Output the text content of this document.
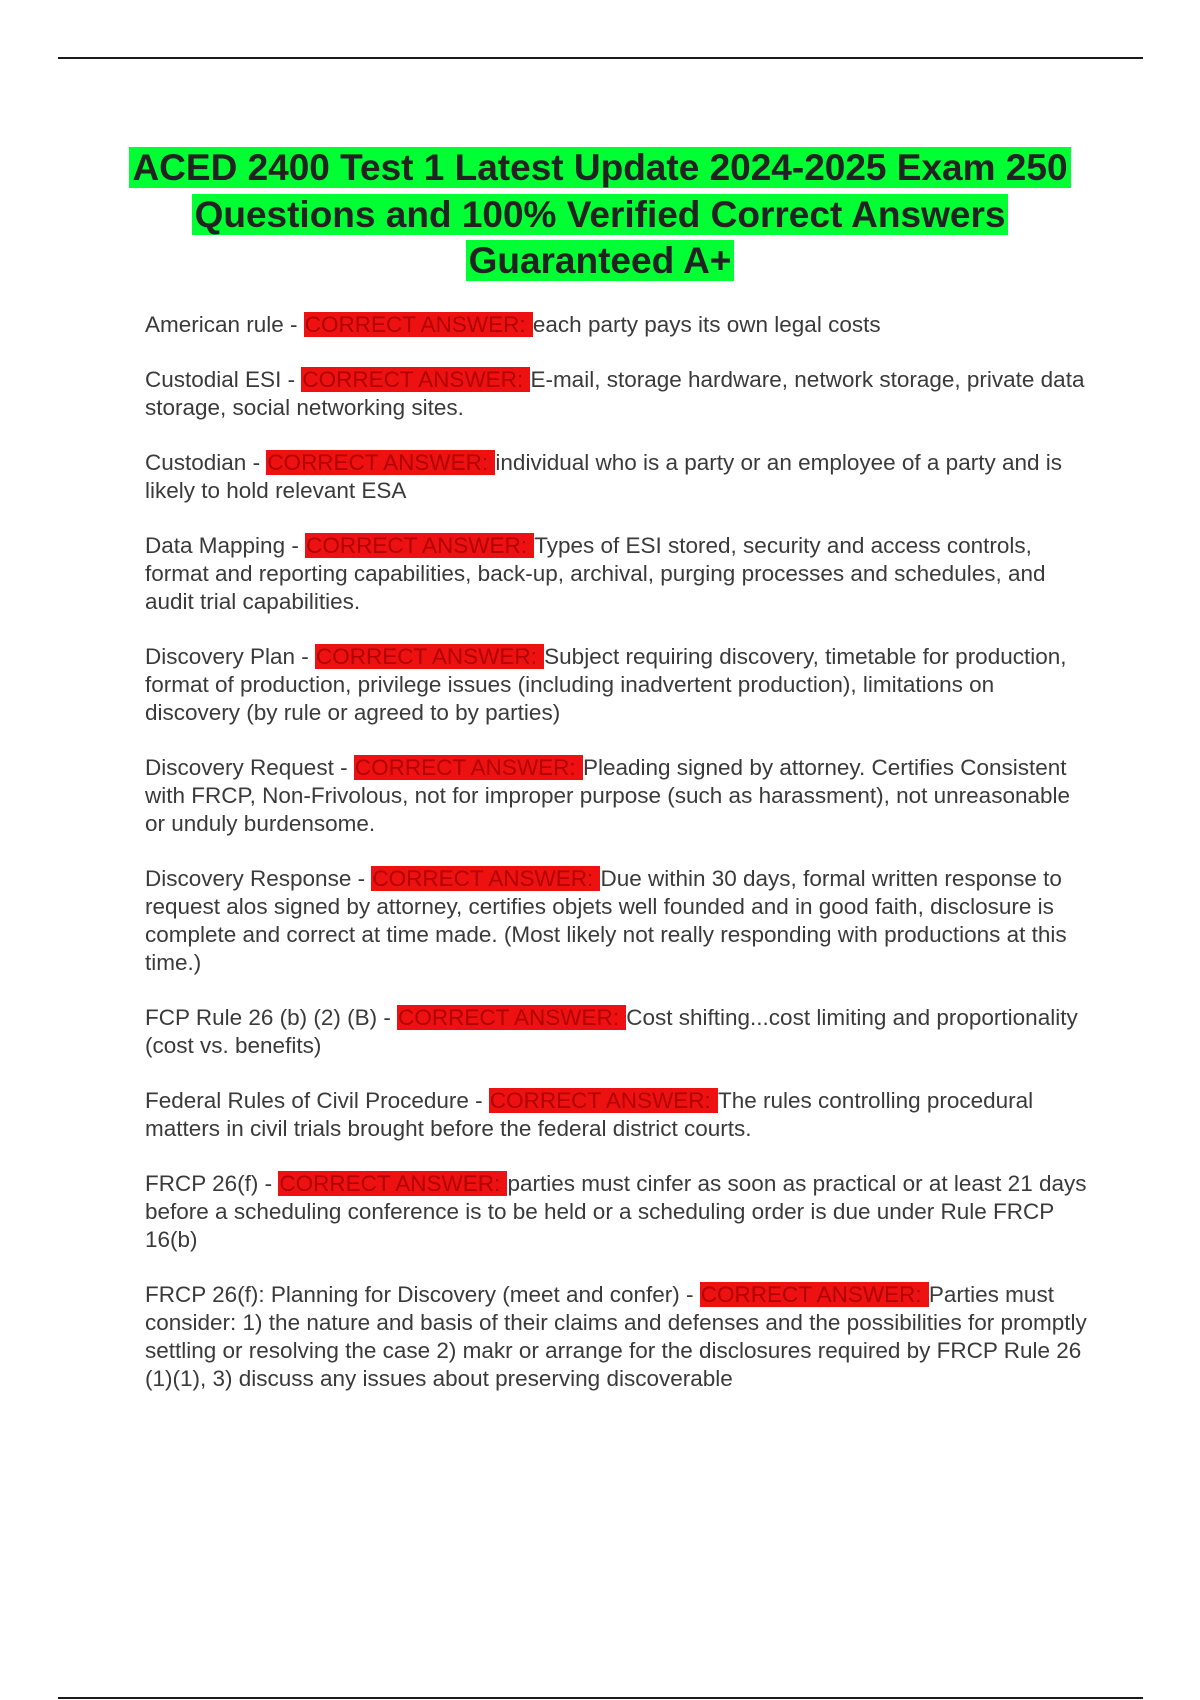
ACED 2400 Test 1 Latest Update 2024-2025 Exam 250 Questions and 100% Verified Correct Answers Guaranteed A+

American rule - CORRECT ANSWER: each party pays its own legal costs

Custodial ESI - CORRECT ANSWER: E-mail, storage hardware, network storage, private data storage, social networking sites.

Custodian - CORRECT ANSWER: individual who is a party or an employee of a party and is likely to hold relevant ESA

Data Mapping - CORRECT ANSWER: Types of ESI stored, security and access controls, format and reporting capabilities, back-up, archival, purging processes and schedules, and audit trial capabilities.

Discovery Plan - CORRECT ANSWER: Subject requiring discovery, timetable for production, format of production, privilege issues (including inadvertent production), limitations on discovery (by rule or agreed to by parties)

Discovery Request - CORRECT ANSWER: Pleading signed by attorney. Certifies Consistent with FRCP, Non-Frivolous, not for improper purpose (such as harassment), not unreasonable or unduly burdensome.

Discovery Response - CORRECT ANSWER: Due within 30 days, formal written response to request alos signed by attorney, certifies objets well founded and in good faith, disclosure is complete and correct at time made. (Most likely not really responding with productions at this time.)

FCP Rule 26 (b) (2) (B) - CORRECT ANSWER: Cost shifting...cost limiting and proportionality (cost vs. benefits)

Federal Rules of Civil Procedure - CORRECT ANSWER: The rules controlling procedural matters in civil trials brought before the federal district courts.

FRCP 26(f) - CORRECT ANSWER: parties must cinfer as soon as practical or at least 21 days before a scheduling conference is to be held or a scheduling order is due under Rule FRCP 16(b)

FRCP 26(f): Planning for Discovery (meet and confer) - CORRECT ANSWER: Parties must consider: 1) the nature and basis of their claims and defenses and the possibilities for promptly settling or resolving the case 2) makr or arrange for the disclosures required by FRCP Rule 26 (1)(1), 3) discuss any issues about preserving discoverable
